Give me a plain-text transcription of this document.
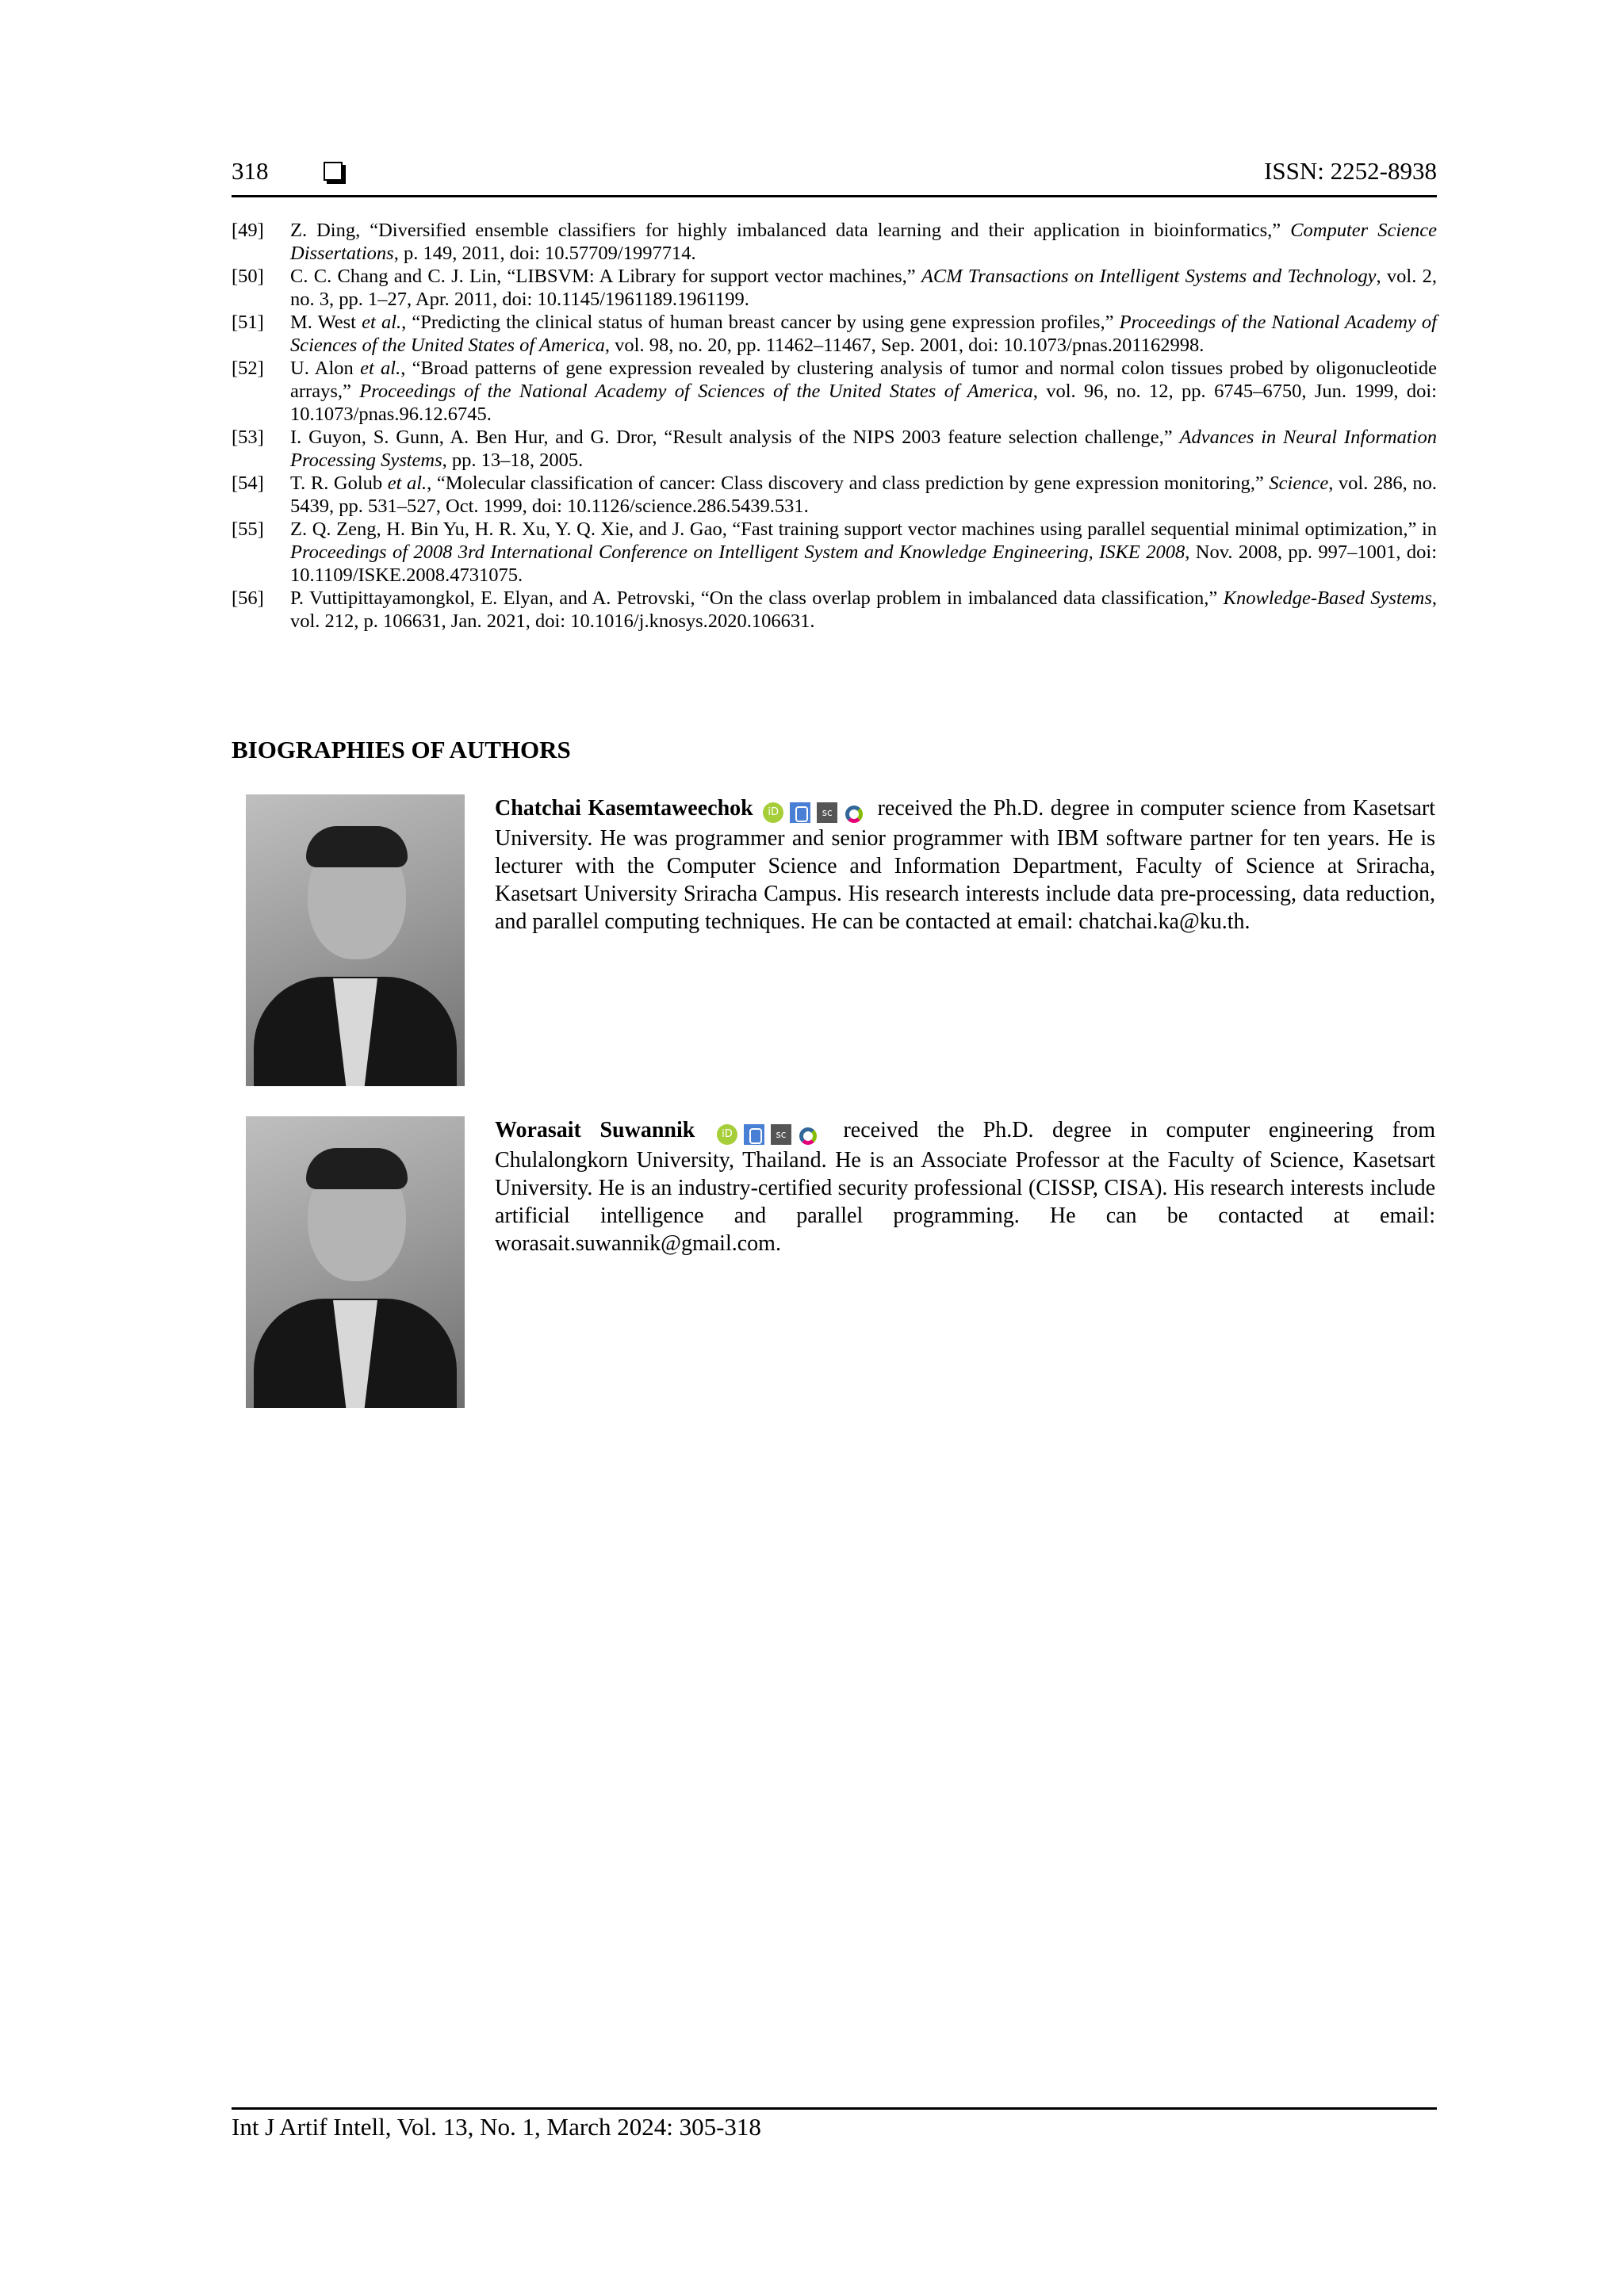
318	ISSN: 2252-8938
[49]	Z. Ding, “Diversified ensemble classifiers for highly imbalanced data learning and their application in bioinformatics,” Computer Science Dissertations, p. 149, 2011, doi: 10.57709/1997714.
[50]	C. C. Chang and C. J. Lin, “LIBSVM: A Library for support vector machines,” ACM Transactions on Intelligent Systems and Technology, vol. 2, no. 3, pp. 1–27, Apr. 2011, doi: 10.1145/1961189.1961199.
[51]	M. West et al., “Predicting the clinical status of human breast cancer by using gene expression profiles,” Proceedings of the National Academy of Sciences of the United States of America, vol. 98, no. 20, pp. 11462–11467, Sep. 2001, doi: 10.1073/pnas.201162998.
[52]	U. Alon et al., “Broad patterns of gene expression revealed by clustering analysis of tumor and normal colon tissues probed by oligonucleotide arrays,” Proceedings of the National Academy of Sciences of the United States of America, vol. 96, no. 12, pp. 6745–6750, Jun. 1999, doi: 10.1073/pnas.96.12.6745.
[53]	I. Guyon, S. Gunn, A. Ben Hur, and G. Dror, “Result analysis of the NIPS 2003 feature selection challenge,” Advances in Neural Information Processing Systems, pp. 13–18, 2005.
[54]	T. R. Golub et al., “Molecular classification of cancer: Class discovery and class prediction by gene expression monitoring,” Science, vol. 286, no. 5439, pp. 531–527, Oct. 1999, doi: 10.1126/science.286.5439.531.
[55]	Z. Q. Zeng, H. Bin Yu, H. R. Xu, Y. Q. Xie, and J. Gao, “Fast training support vector machines using parallel sequential minimal optimization,” in Proceedings of 2008 3rd International Conference on Intelligent System and Knowledge Engineering, ISKE 2008, Nov. 2008, pp. 997–1001, doi: 10.1109/ISKE.2008.4731075.
[56]	P. Vuttipittayamongkol, E. Elyan, and A. Petrovski, “On the class overlap problem in imbalanced data classification,” Knowledge-Based Systems, vol. 212, p. 106631, Jan. 2021, doi: 10.1016/j.knosys.2020.106631.
BIOGRAPHIES OF AUTHORS
Chatchai Kasemtaweechok iD	sc received the Ph.D. degree in computer science from Kasetsart University. He was programmer and senior programmer with IBM software partner for ten years. He is lecturer with the Computer Science and Information Department, Faculty of Science at Sriracha, Kasetsart University Sriracha Campus. His research interests include data pre-processing, data reduction, and parallel computing techniques. He can be contacted at email: chatchai.ka@ku.th.
Worasait Suwannik	iD	sc	received the Ph.D. degree in computer engineering from Chulalongkorn University, Thailand. He is an Associate Professor at the Faculty of Science, Kasetsart University. He is an industry-certified security professional (CISSP, CISA). His research interests include artificial intelligence and parallel programming. He can be contacted at email: worasait.suwannik@gmail.com.
Int J Artif Intell, Vol. 13, No. 1, March 2024: 305-318
